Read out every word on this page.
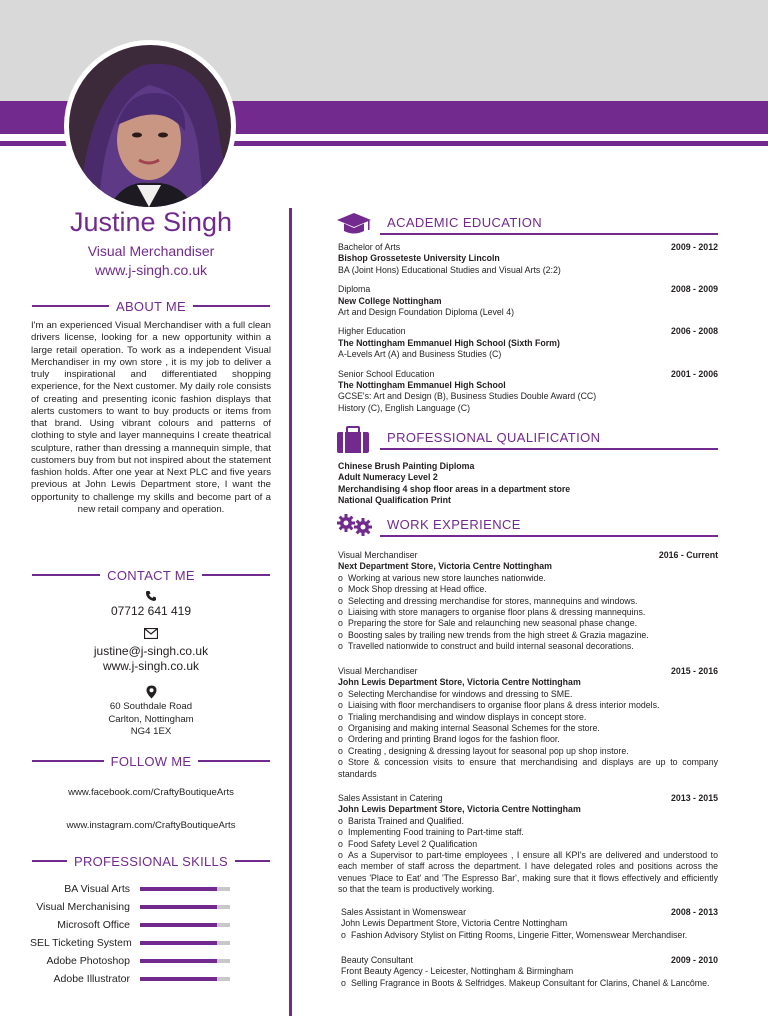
Justine Singh
Visual Merchandiser
www.j-singh.co.uk
ABOUT ME
I'm an experienced Visual Merchandiser with a full clean drivers license, looking for a new opportunity within a large retail operation. To work as a independent Visual Merchandiser in my own store , it is my job to deliver a truly inspirational and differentiated shopping experience, for the Next customer. My daily role consists of creating and presenting iconic fashion displays that alerts customers to want to buy products or items from that brand. Using vibrant colours and patterns of clothing to style and layer mannequins I create theatrical sculpture, rather than dressing a mannequin simple, that customers buy from but not inspired about the statement fashion holds. After one year at Next PLC and five years previous at John Lewis Department store, I want the opportunity to challenge my skills and become part of a new retail company and operation.
CONTACT ME
07712 641 419
justine@j-singh.co.uk
www.j-singh.co.uk
60 Southdale Road
Carlton, Nottingham
NG4 1EX
FOLLOW ME
www.facebook.com/CraftyBoutiqueArts
www.instagram.com/CraftyBoutiqueArts
PROFESSIONAL SKILLS
BA Visual Arts
Visual Merchanising
Microsoft Office
SEL Ticketing System
Adobe Photoshop
Adobe Illustrator
ACADEMIC EDUCATION
Bachelor of Arts	2009 - 2012
Bishop Grosseteste University Lincoln
BA (Joint Hons) Educational Studies and Visual Arts (2:2)
Diploma	2008 - 2009
New College Nottingham
Art and Design Foundation Diploma (Level 4)
Higher Education	2006 - 2008
The Nottingham Emmanuel High School (Sixth Form)
A-Levels Art (A) and Business Studies (C)
Senior School Education	2001 - 2006
The Nottingham Emmanuel High School
GCSE's: Art and Design (B), Business Studies Double Award (CC)
History (C), English Language (C)
PROFESSIONAL QUALIFICATION
Chinese Brush Painting Diploma
Adult Numeracy Level 2
Merchandising 4 shop floor areas in a department store
National Qualification Print
WORK EXPERIENCE
Visual Merchandiser	2016 - Current
Next Department Store, Victoria Centre Nottingham
o Working at various new store launches nationwide.
o Mock Shop dressing at Head office.
o Selecting and dressing merchandise for stores, mannequins and windows.
o Liaising with store managers to organise floor plans & dressing mannequins.
o Preparing the store for Sale and relaunching new seasonal phase change.
o Boosting sales by trailing new trends from the high street & Grazia magazine.
o Travelled nationwide to construct and build internal seasonal decorations.
Visual Merchandiser	2015 - 2016
John Lewis Department Store, Victoria Centre Nottingham
o Selecting Merchandise for windows and dressing to SME.
o Liaising with floor merchandisers to organise floor plans & dress interior models.
o Trialing merchandising and window displays in concept store.
o Organising and making internal Seasonal Schemes for the store.
o Ordering and printing Brand logos for the fashion floor.
o Creating , designing & dressing layout for seasonal pop up shop instore.
o Store & concession visits to ensure that merchandising and displays are up to company standards
Sales Assistant in Catering	2013 - 2015
John Lewis Department Store, Victoria Centre Nottingham
o Barista Trained and Qualified.
o Implementing Food training to Part-time staff.
o Food Safety Level 2 Qualification
o As a Supervisor to part-time employees , I ensure all KPI's are delivered and understood to each member of staff across the department. I have delegated roles and positions across the venues 'Place to Eat' and 'The Espresso Bar', making sure that it flows effectively and efficiently so that the team is productively working.
Sales Assistant in Womenswear	2008 - 2013
John Lewis Department Store, Victoria Centre Nottingham
o Fashion Advisory Stylist on Fitting Rooms, Lingerie Fitter, Womenswear Merchandiser.
Beauty Consultant	2009 - 2010
Front Beauty Agency - Leicester, Nottingham & Birmingham
o Selling Fragrance in Boots & Selfridges. Makeup Consultant for Clarins, Chanel & Lancôme.
